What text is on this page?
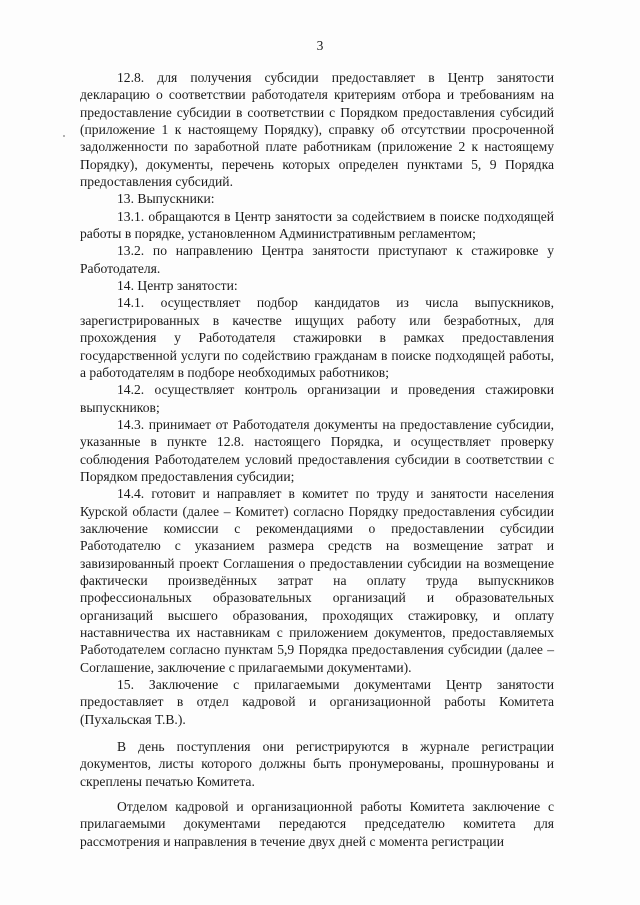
3

12.8. для получения субсидии предоставляет в Центр занятости декларацию о соответствии работодателя критериям отбора и требованиям на предоставление субсидии в соответствии с Порядком предоставления субсидий (приложение 1 к настоящему Порядку), справку об отсутствии просроченной задолженности по заработной плате работникам (приложение 2 к настоящему Порядку), документы, перечень которых определен пунктами 5, 9 Порядка предоставления субсидий.

13. Выпускники:

13.1. обращаются в Центр занятости за содействием в поиске подходящей работы в порядке, установленном Административным регламентом;

13.2. по направлению Центра занятости приступают к стажировке у Работодателя.

14. Центр занятости:

14.1. осуществляет подбор кандидатов из числа выпускников, зарегистрированных в качестве ищущих работу или безработных, для прохождения у Работодателя стажировки в рамках предоставления государственной услуги по содействию гражданам в поиске подходящей работы, а работодателям в подборе необходимых работников;

14.2. осуществляет контроль организации и проведения стажировки выпускников;

14.3. принимает от Работодателя документы на предоставление субсидии, указанные в пункте 12.8. настоящего Порядка, и осуществляет проверку соблюдения Работодателем условий предоставления субсидии в соответствии с Порядком предоставления субсидии;

14.4. готовит и направляет в комитет по труду и занятости населения Курской области (далее – Комитет) согласно Порядку предоставления субсидии заключение комиссии с рекомендациями о предоставлении субсидии Работодателю с указанием размера средств на возмещение затрат и завизированный проект Соглашения о предоставлении субсидии на возмещение фактически произведённых затрат на оплату труда выпускников профессиональных образовательных организаций и образовательных организаций высшего образования, проходящих стажировку, и оплату наставничества их наставникам с приложением документов, предоставляемых Работодателем согласно пунктам 5,9 Порядка предоставления субсидии (далее – Соглашение, заключение с прилагаемыми документами).

15. Заключение с прилагаемыми документами Центр занятости предоставляет в отдел кадровой и организационной работы Комитета (Пухальская Т.В.).

В день поступления они регистрируются в журнале регистрации документов, листы которого должны быть пронумерованы, прошнурованы и скреплены печатью Комитета.

Отделом кадровой и организационной работы Комитета заключение с прилагаемыми документами передаются председателю комитета для рассмотрения и направления в течение двух дней с момента регистрации
